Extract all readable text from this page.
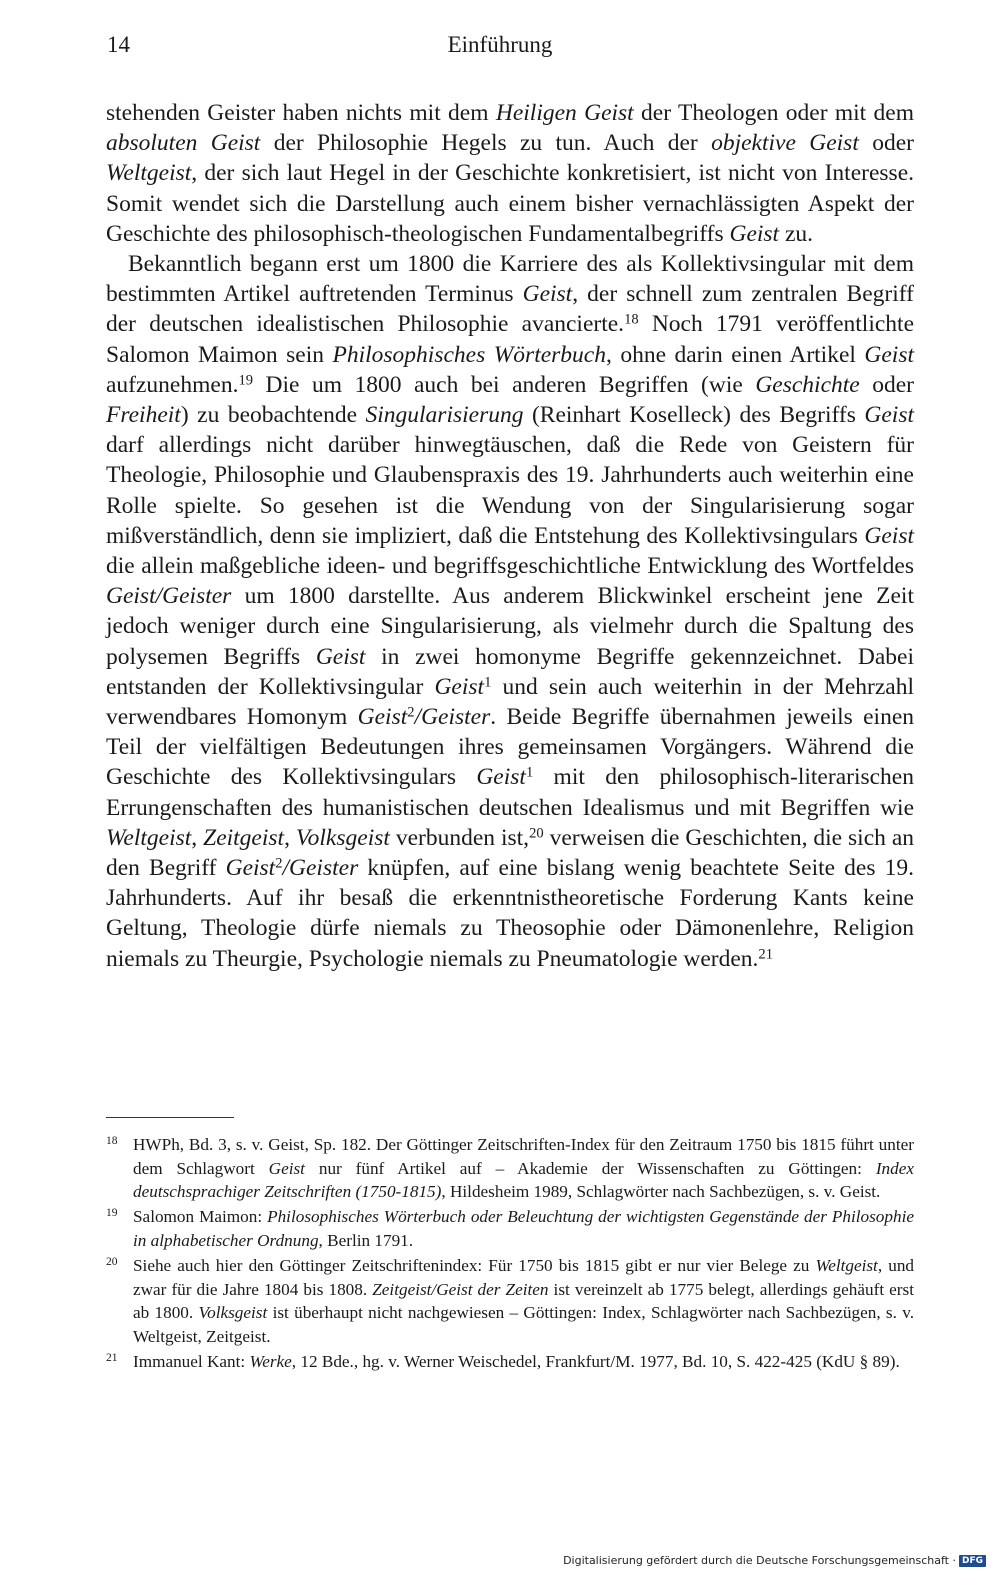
14	Einführung

stehenden Geister haben nichts mit dem Heiligen Geist der Theologen oder mit dem absoluten Geist der Philosophie Hegels zu tun. Auch der objektive Geist oder Weltgeist, der sich laut Hegel in der Geschichte konkretisiert, ist nicht von Interesse. Somit wendet sich die Darstellung auch einem bisher vernachlässigten Aspekt der Geschichte des philosophisch-theologischen Fundamentalbegriffs Geist zu.

Bekanntlich begann erst um 1800 die Karriere des als Kollektivsingular mit dem bestimmten Artikel auftretenden Terminus Geist, der schnell zum zentralen Begriff der deutschen idealistischen Philosophie avancierte.$^{18}$ Noch 1791 veröffentlichte Salomon Maimon sein Philosophisches Wörterbuch, ohne darin einen Artikel Geist aufzunehmen.$^{19}$ Die um 1800 auch bei anderen Begriffen (wie Geschichte oder Freiheit) zu beobachtende Singularisierung (Reinhart Koselleck) des Begriffs Geist darf allerdings nicht darüber hinwegtäuschen, daß die Rede von Geistern für Theologie, Philosophie und Glaubenspraxis des 19. Jahrhunderts auch weiterhin eine Rolle spielte. So gesehen ist die Wendung von der Singularisierung sogar mißverständlich, denn sie impliziert, daß die Entstehung des Kollektivsingulars Geist die allein maßgebliche ideen- und begriffsgeschichtliche Entwicklung des Wortfeldes Geist/Geister um 1800 darstellte. Aus anderem Blickwinkel erscheint jene Zeit jedoch weniger durch eine Singularisierung, als vielmehr durch die Spaltung des polysemen Begriffs Geist in zwei homonyme Begriffe gekennzeichnet. Dabei entstanden der Kollektivsingular Geist$^1$ und sein auch weiterhin in der Mehrzahl verwendbares Homonym Geist$^2$/Geister. Beide Begriffe übernahmen jeweils einen Teil der vielfältigen Bedeutungen ihres gemeinsamen Vorgängers. Während die Geschichte des Kollektivsingulars Geist$^1$ mit den philosophisch-literarischen Errungenschaften des humanistischen deutschen Idealismus und mit Begriffen wie Weltgeist, Zeitgeist, Volksgeist verbunden ist,$^{20}$ verweisen die Geschichten, die sich an den Begriff Geist$^2$/Geister knüpfen, auf eine bislang wenig beachtete Seite des 19. Jahrhunderts. Auf ihr besaß die erkenntnistheoretische Forderung Kants keine Geltung, Theologie dürfe niemals zu Theosophie oder Dämonenlehre, Religion niemals zu Theurgie, Psychologie niemals zu Pneumatologie werden.$^{21}$

18 HWPh, Bd. 3, s. v. Geist, Sp. 182. Der Göttinger Zeitschriften-Index für den Zeitraum 1750 bis 1815 führt unter dem Schlagwort Geist nur fünf Artikel auf – Akademie der Wissenschaften zu Göttingen: Index deutschsprachiger Zeitschriften (1750-1815), Hildesheim 1989, Schlagwörter nach Sachbezügen, s. v. Geist.
19 Salomon Maimon: Philosophisches Wörterbuch oder Beleuchtung der wichtigsten Gegenstände der Philosophie in alphabetischer Ordnung, Berlin 1791.
20 Siehe auch hier den Göttinger Zeitschriftenindex: Für 1750 bis 1815 gibt er nur vier Belege zu Weltgeist, und zwar für die Jahre 1804 bis 1808. Zeitgeist/Geist der Zeiten ist vereinzelt ab 1775 belegt, allerdings gehäuft erst ab 1800. Volksgeist ist überhaupt nicht nachgewiesen – Göttingen: Index, Schlagwörter nach Sachbezügen, s. v. Weltgeist, Zeitgeist.
21 Immanuel Kant: Werke, 12 Bde., hg. v. Werner Weischedel, Frankfurt/M. 1977, Bd. 10, S. 422-425 (KdU § 89).
Digitalisierung gefördert durch die Deutsche Forschungsgemeinschaft · DFG
